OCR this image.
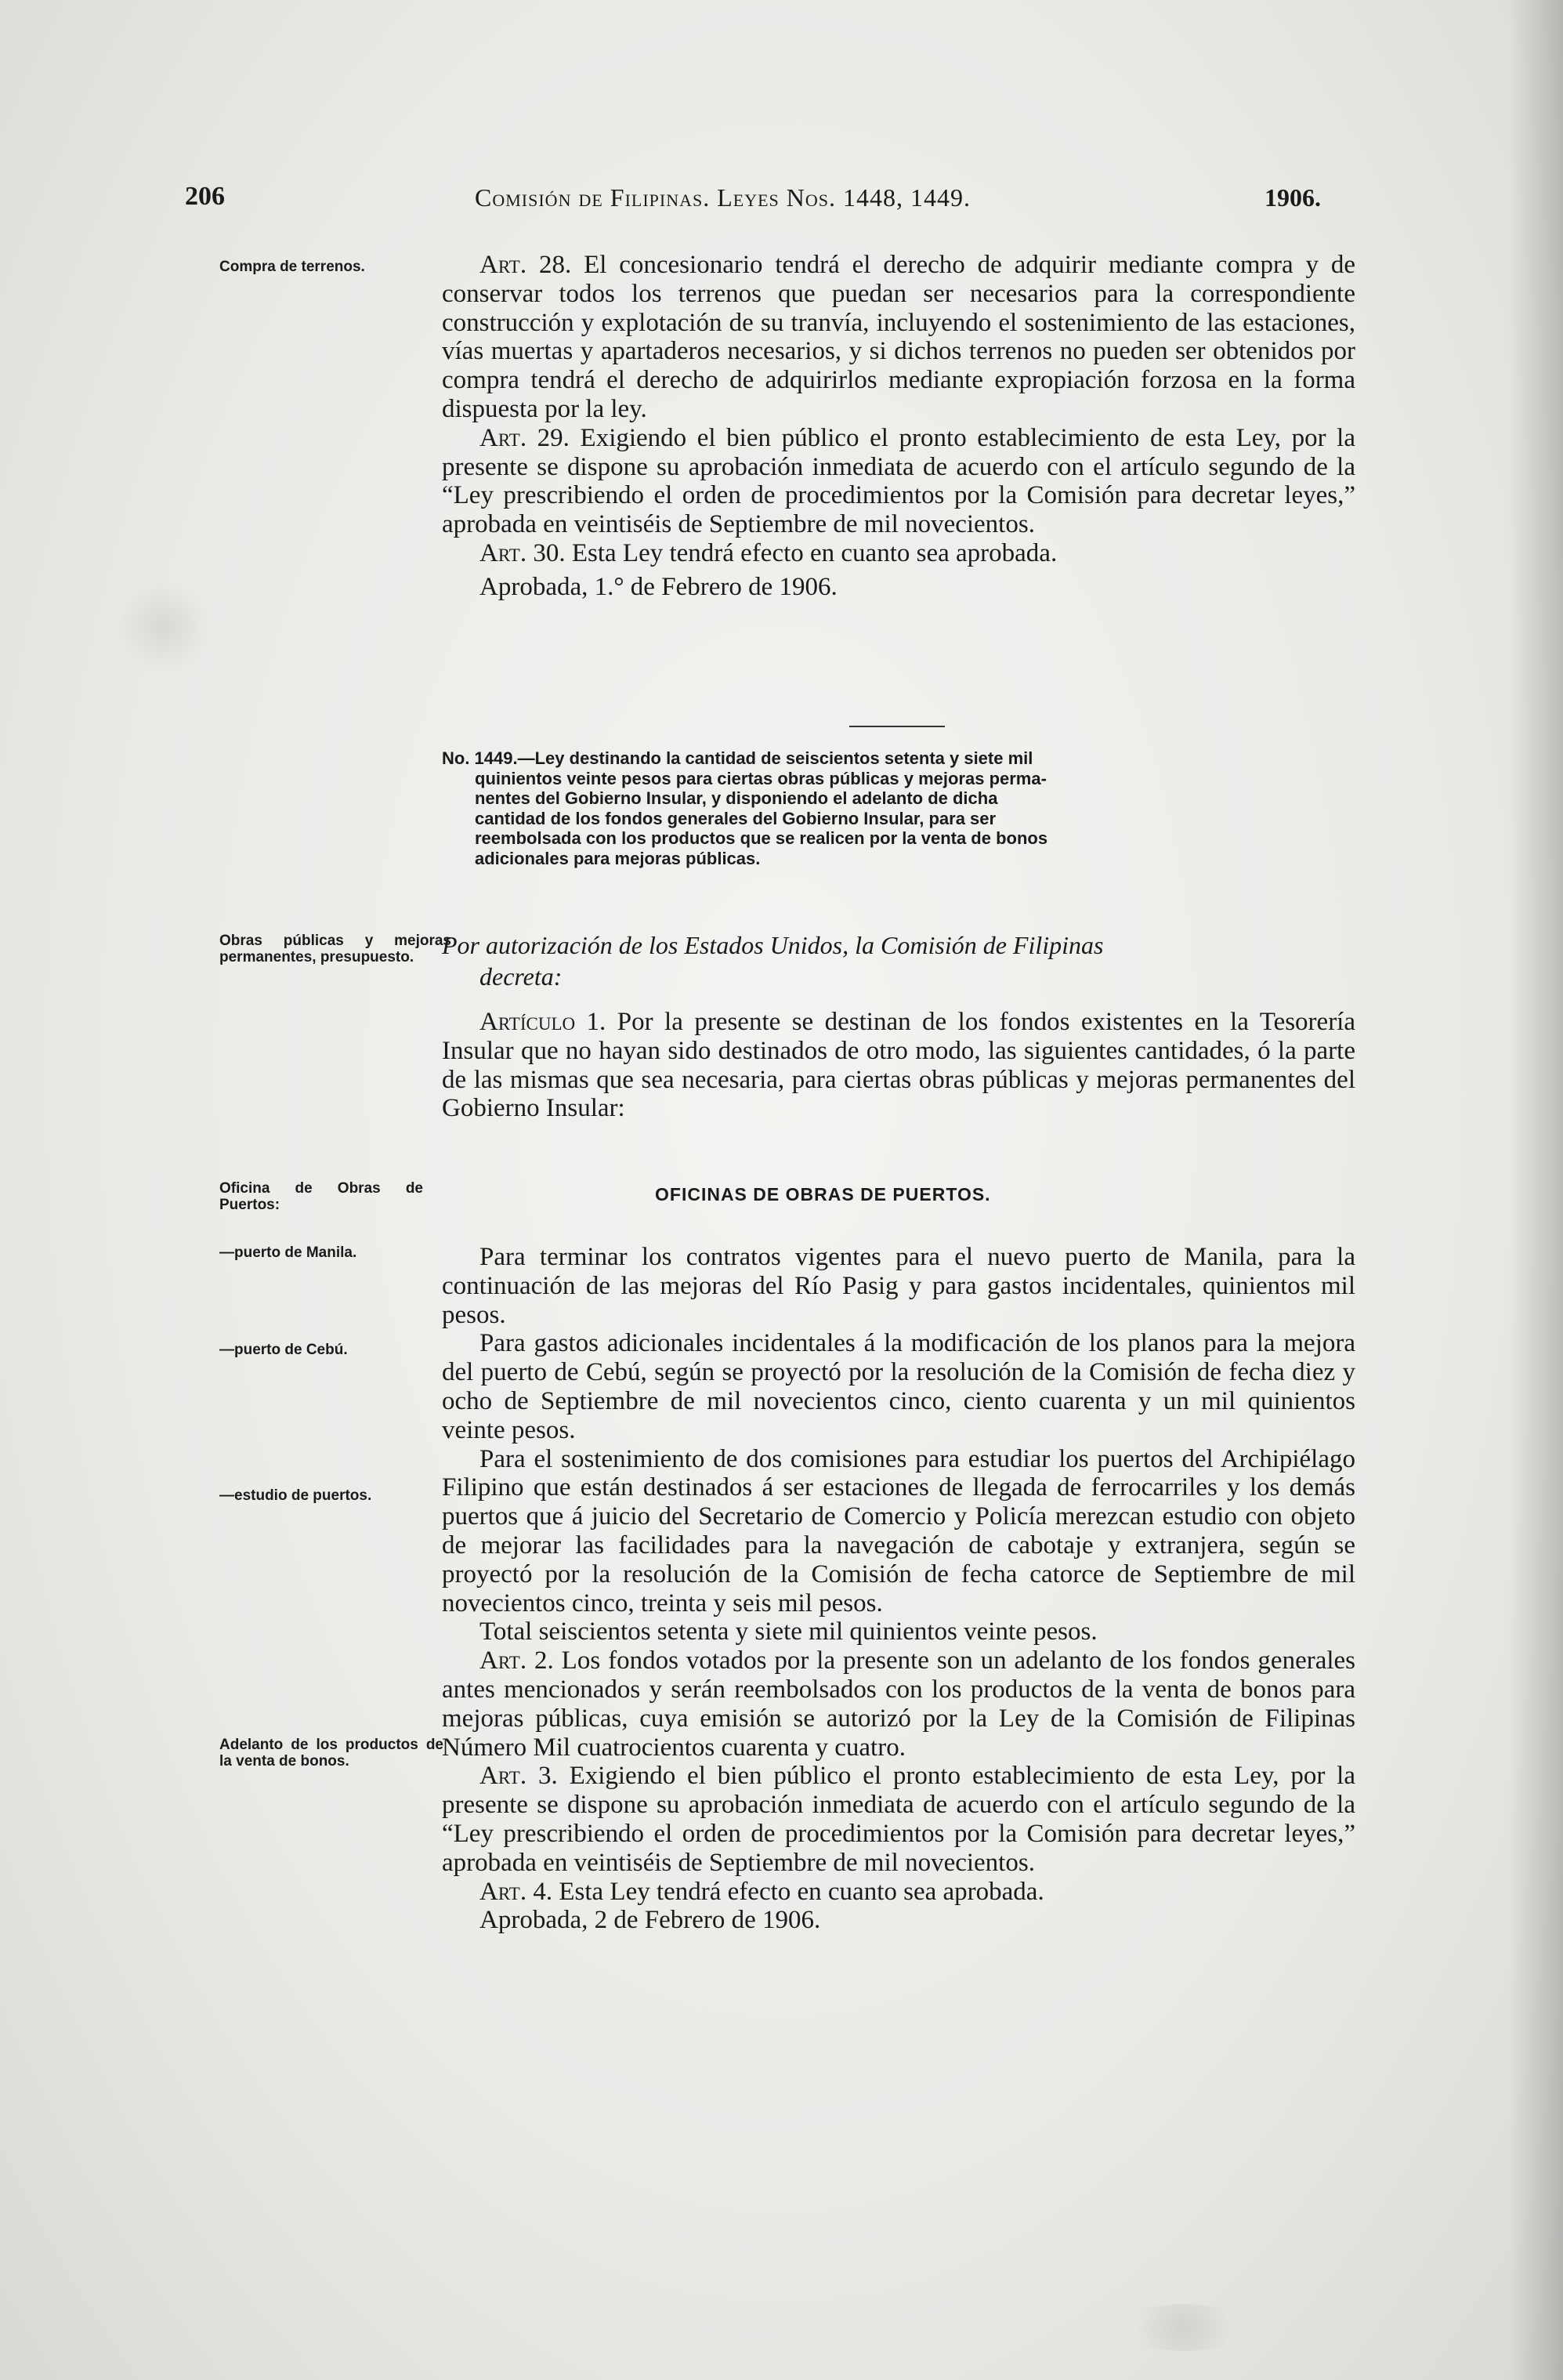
206	Comisión de Filipinas. Leyes Nos. 1448, 1449.	1906.
Compra de terrenos.
Obras públicas y mejoras permanentes, presupuesto.
Oficina de Obras de Puertos:
—puerto de Manila.
—puerto de Cebú.
—estudio de puertos.
Adelanto de los productos de la venta de bonos.

Art. 28. El concesionario tendrá el derecho de adquirir mediante compra y de conservar todos los terrenos que puedan ser necesarios para la correspondiente construcción y explotación de su tranvía, incluyendo el sostenimiento de las estaciones, vías muertas y apartaderos necesarios, y si dichos terrenos no pueden ser obtenidos por compra tendrá el derecho de adquirirlos mediante expropiación forzosa en la forma dispuesta por la ley.

Art. 29. Exigiendo el bien público el pronto establecimiento de esta Ley, por la presente se dispone su aprobación inmediata de acuerdo con el artículo segundo de la “Ley prescribiendo el orden de procedimientos por la Comisión para decretar leyes,” aprobada en veintiséis de Septiembre de mil novecientos.

Art. 30. Esta Ley tendrá efecto en cuanto sea aprobada.

Aprobada, 1.° de Febrero de 1906.

No. 1449.—Ley destinando la cantidad de seiscientos setenta y siete mil
quinientos veinte pesos para ciertas obras públicas y mejoras perma-
nentes del Gobierno Insular, y disponiendo el adelanto de dicha
cantidad de los fondos generales del Gobierno Insular, para ser
reembolsada con los productos que se realicen por la venta de bonos
adicionales para mejoras públicas.
Por autorización de los Estados Unidos, la Comisión de Filipinas
decreta:

Artículo 1. Por la presente se destinan de los fondos existentes en la Tesorería Insular que no hayan sido destinados de otro modo, las siguientes cantidades, ó la parte de las mismas que sea necesaria, para ciertas obras públicas y mejoras permanentes del Gobierno Insular:

OFICINAS DE OBRAS DE PUERTOS.

Para terminar los contratos vigentes para el nuevo puerto de Manila, para la continuación de las mejoras del Río Pasig y para gastos incidentales, quinientos mil pesos.

Para gastos adicionales incidentales á la modificación de los planos para la mejora del puerto de Cebú, según se proyectó por la resolución de la Comisión de fecha diez y ocho de Septiembre de mil novecientos cinco, ciento cuarenta y un mil quinientos veinte pesos.

Para el sostenimiento de dos comisiones para estudiar los puertos del Archipiélago Filipino que están destinados á ser estaciones de llegada de ferrocarriles y los demás puertos que á juicio del Secretario de Comercio y Policía merezcan estudio con objeto de mejorar las facilidades para la navegación de cabotaje y extranjera, según se proyectó por la resolución de la Comisión de fecha catorce de Septiembre de mil novecientos cinco, treinta y seis mil pesos.

Total seiscientos setenta y siete mil quinientos veinte pesos.

Art. 2. Los fondos votados por la presente son un adelanto de los fondos generales antes mencionados y serán reembolsados con los productos de la venta de bonos para mejoras públicas, cuya emisión se autorizó por la Ley de la Comisión de Filipinas Número Mil cuatrocientos cuarenta y cuatro.

Art. 3. Exigiendo el bien público el pronto establecimiento de esta Ley, por la presente se dispone su aprobación inmediata de acuerdo con el artículo segundo de la “Ley prescribiendo el orden de procedimientos por la Comisión para decretar leyes,” aprobada en veintiséis de Septiembre de mil novecientos.

Art. 4. Esta Ley tendrá efecto en cuanto sea aprobada.

Aprobada, 2 de Febrero de 1906.
